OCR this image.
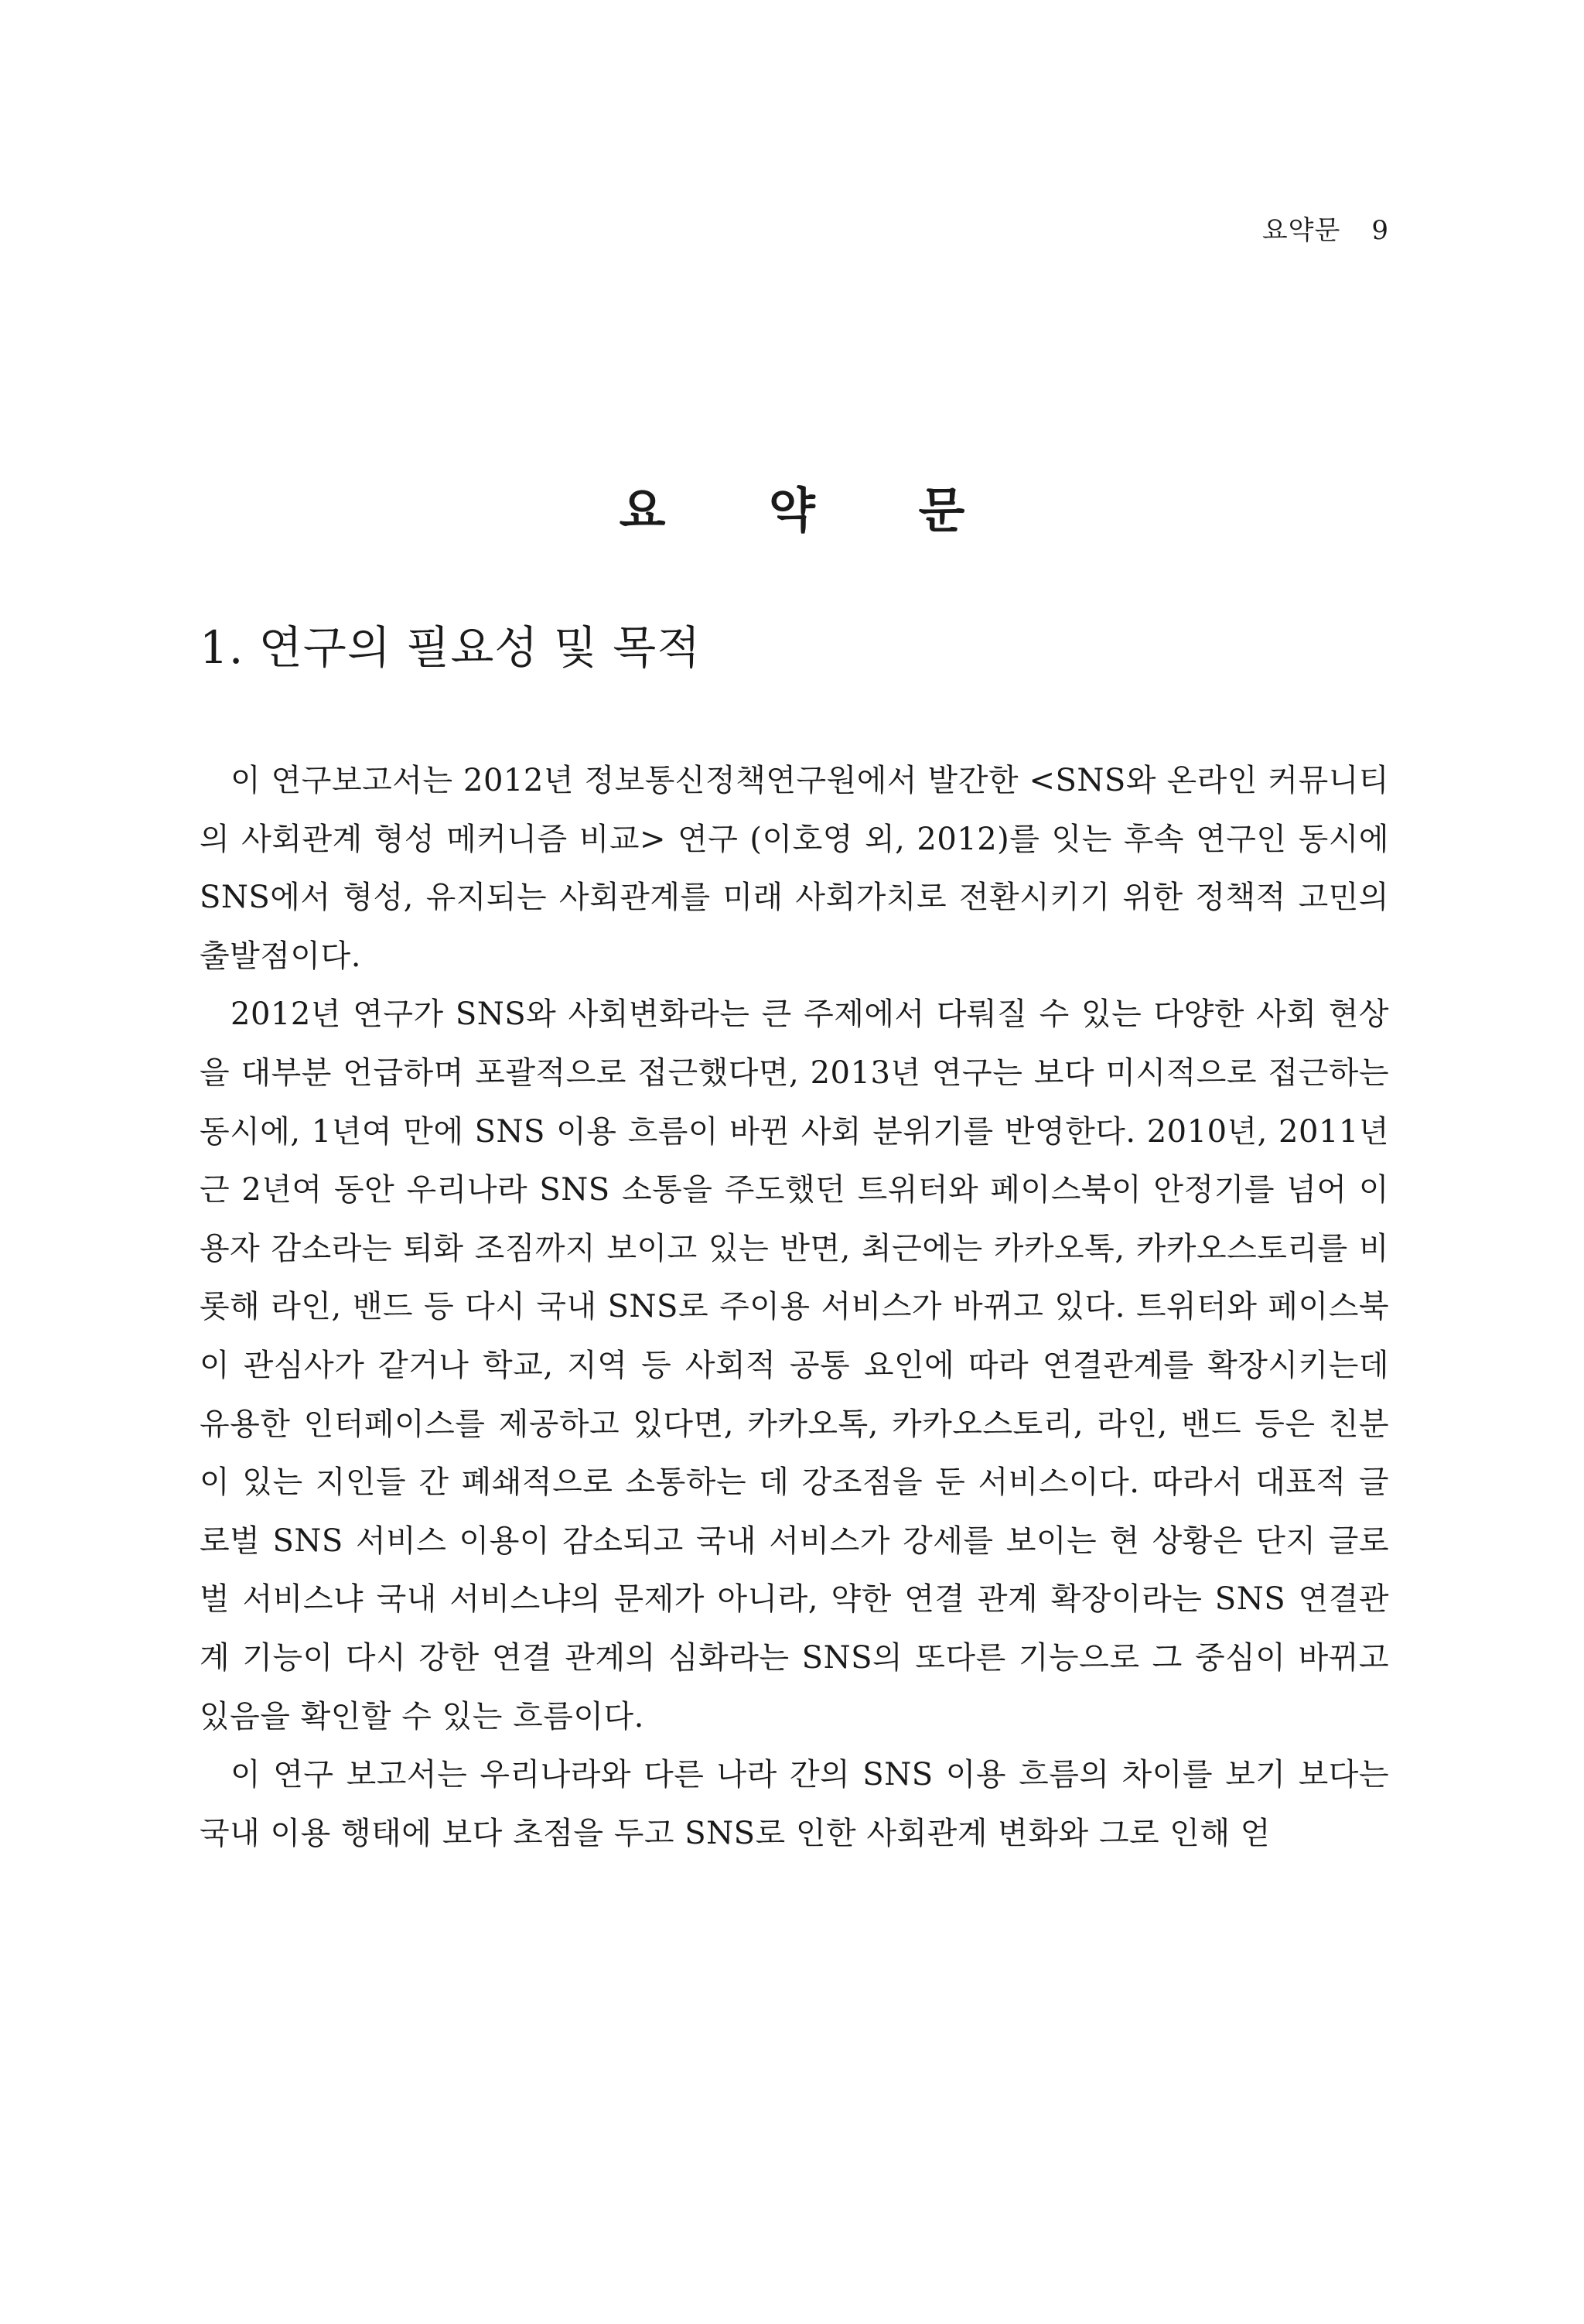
요약문 9
요 약 문
1. 연구의 필요성 및 목적

이 연구보고서는 2012년 정보통신정책연구원에서 발간한 <SNS와 온라인 커뮤니티의 사회관계 형성 메커니즘 비교> 연구 (이호영 외, 2012)를 잇는 후속 연구인 동시에 SNS에서 형성, 유지되는 사회관계를 미래 사회가치로 전환시키기 위한 정책적 고민의 출발점이다.

2012년 연구가 SNS와 사회변화라는 큰 주제에서 다뤄질 수 있는 다양한 사회 현상을 대부분 언급하며 포괄적으로 접근했다면, 2013년 연구는 보다 미시적으로 접근하는 동시에, 1년여 만에 SNS 이용 흐름이 바뀐 사회 분위기를 반영한다. 2010년, 2011년 근 2년여 동안 우리나라 SNS 소통을 주도했던 트위터와 페이스북이 안정기를 넘어 이용자 감소라는 퇴화 조짐까지 보이고 있는 반면, 최근에는 카카오톡, 카카오스토리를 비롯해 라인, 밴드 등 다시 국내 SNS로 주이용 서비스가 바뀌고 있다. 트위터와 페이스북이 관심사가 같거나 학교, 지역 등 사회적 공통 요인에 따라 연결관계를 확장시키는데 유용한 인터페이스를 제공하고 있다면, 카카오톡, 카카오스토리, 라인, 밴드 등은 친분이 있는 지인들 간 폐쇄적으로 소통하는 데 강조점을 둔 서비스이다. 따라서 대표적 글로벌 SNS 서비스 이용이 감소되고 국내 서비스가 강세를 보이는 현 상황은 단지 글로벌 서비스냐 국내 서비스냐의 문제가 아니라, 약한 연결 관계 확장이라는 SNS 연결관계 기능이 다시 강한 연결 관계의 심화라는 SNS의 또다른 기능으로 그 중심이 바뀌고 있음을 확인할 수 있는 흐름이다.

이 연구 보고서는 우리나라와 다른 나라 간의 SNS 이용 흐름의 차이를 보기 보다는 국내 이용 행태에 보다 초점을 두고 SNS로 인한 사회관계 변화와 그로 인해 얻
